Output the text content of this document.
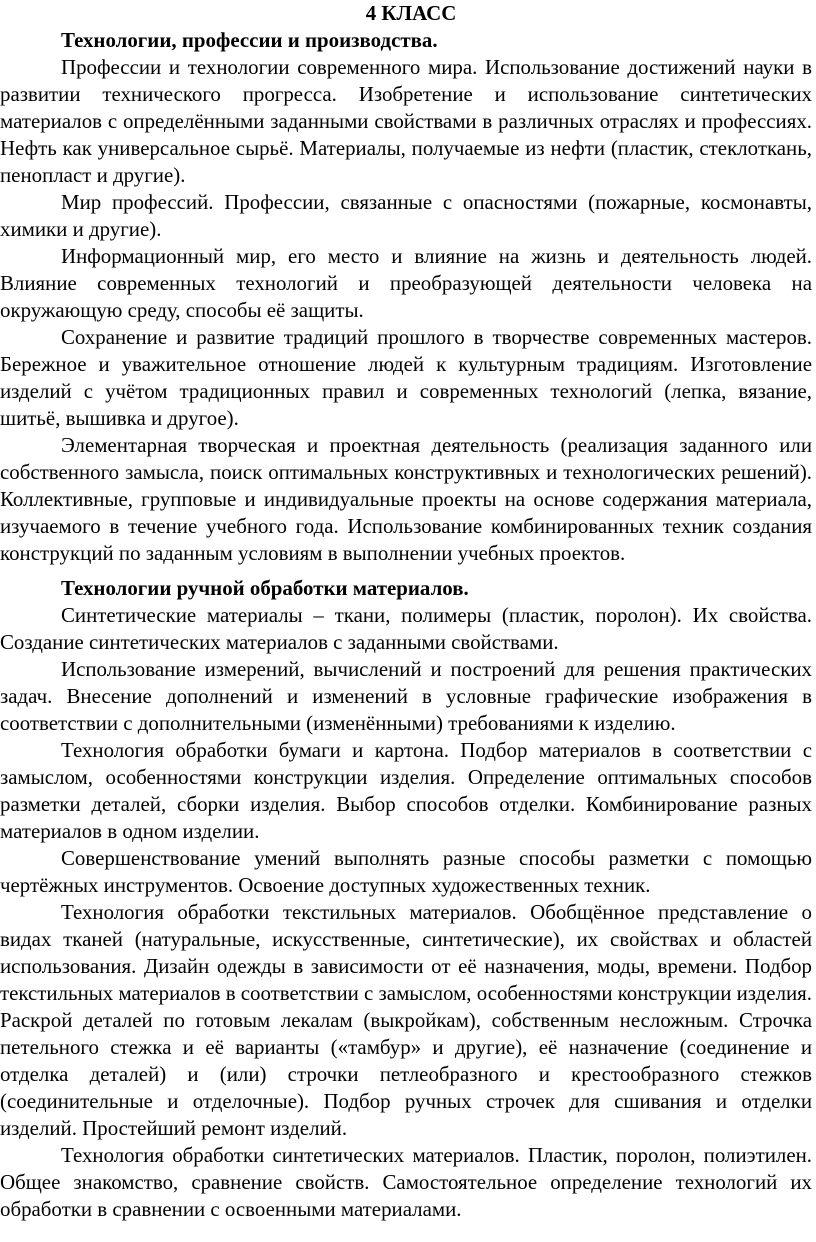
4 КЛАСС
Технологии, профессии и производства.

Профессии и технологии современного мира. Использование достижений науки в развитии технического прогресса. Изобретение и использование синтетических материалов с определёнными заданными свойствами в различных отраслях и профессиях. Нефть как универсальное сырьё. Материалы, получаемые из нефти (пластик, стеклоткань, пенопласт и другие).

Мир профессий. Профессии, связанные с опасностями (пожарные, космонавты, химики и другие).

Информационный мир, его место и влияние на жизнь и деятельность людей. Влияние современных технологий и преобразующей деятельности человека на окружающую среду, способы её защиты.

Сохранение и развитие традиций прошлого в творчестве современных мастеров. Бережное и уважительное отношение людей к культурным традициям. Изготовление изделий с учётом традиционных правил и современных технологий (лепка, вязание, шитьё, вышивка и другое).

Элементарная творческая и проектная деятельность (реализация заданного или собственного замысла, поиск оптимальных конструктивных и технологических решений). Коллективные, групповые и индивидуальные проекты на основе содержания материала, изучаемого в течение учебного года. Использование комбинированных техник создания конструкций по заданным условиям в выполнении учебных проектов.

Технологии ручной обработки материалов.

Синтетические материалы – ткани, полимеры (пластик, поролон). Их свойства. Создание синтетических материалов с заданными свойствами.

Использование измерений, вычислений и построений для решения практических задач. Внесение дополнений и изменений в условные графические изображения в соответствии с дополнительными (изменёнными) требованиями к изделию.

Технология обработки бумаги и картона. Подбор материалов в соответствии с замыслом, особенностями конструкции изделия. Определение оптимальных способов разметки деталей, сборки изделия. Выбор способов отделки. Комбинирование разных материалов в одном изделии.

Совершенствование умений выполнять разные способы разметки с помощью чертёжных инструментов. Освоение доступных художественных техник.

Технология обработки текстильных материалов. Обобщённое представление о видах тканей (натуральные, искусственные, синтетические), их свойствах и областей использования. Дизайн одежды в зависимости от её назначения, моды, времени. Подбор текстильных материалов в соответствии с замыслом, особенностями конструкции изделия. Раскрой деталей по готовым лекалам (выкройкам), собственным несложным. Строчка петельного стежка и её варианты («тамбур» и другие), её назначение (соединение и отделка деталей) и (или) строчки петлеобразного и крестообразного стежков (соединительные и отделочные). Подбор ручных строчек для сшивания и отделки изделий. Простейший ремонт изделий.

Технология обработки синтетических материалов. Пластик, поролон, полиэтилен. Общее знакомство, сравнение свойств. Самостоятельное определение технологий их обработки в сравнении с освоенными материалами.
